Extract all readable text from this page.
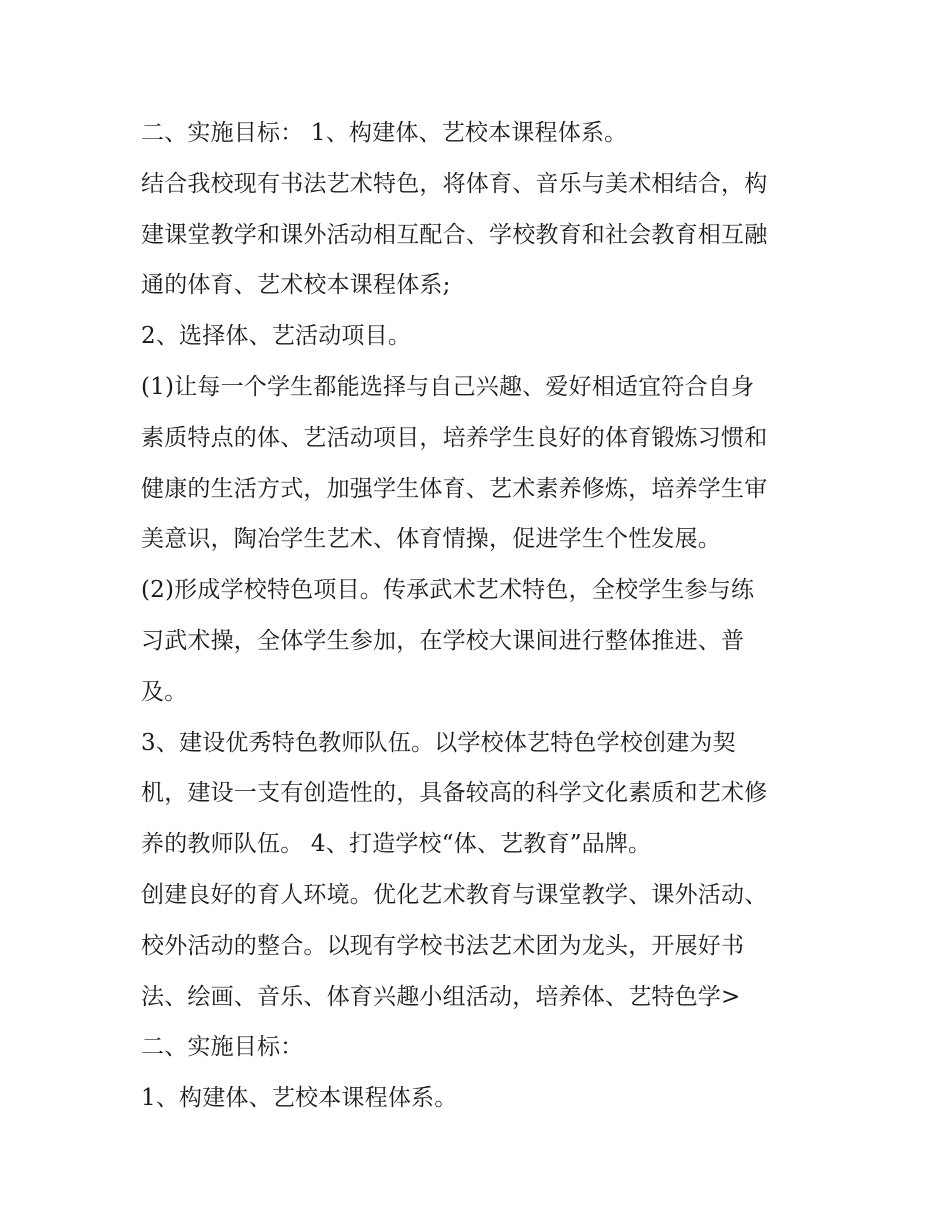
二、实施目标： 1、构建体、艺校本课程体系。
结合我校现有书法艺术特色，将体育、音乐与美术相结合，构
建课堂教学和课外活动相互配合、学校教育和社会教育相互融
通的体育、艺术校本课程体系;
2、选择体、艺活动项目。
(1)让每一个学生都能选择与自己兴趣、爱好相适宜符合自身
素质特点的体、艺活动项目，培养学生良好的体育锻炼习惯和
健康的生活方式，加强学生体育、艺术素养修炼，培养学生审
美意识，陶冶学生艺术、体育情操，促进学生个性发展。
(2)形成学校特色项目。传承武术艺术特色，全校学生参与练
习武术操，全体学生参加，在学校大课间进行整体推进、普
及。
3、建设优秀特色教师队伍。以学校体艺特色学校创建为契
机，建设一支有创造性的，具备较高的科学文化素质和艺术修
养的教师队伍。 4、打造学校“体、艺教育”品牌。
创建良好的育人环境。优化艺术教育与课堂教学、课外活动、
校外活动的整合。以现有学校书法艺术团为龙头，开展好书
法、绘画、音乐、体育兴趣小组活动，培养体、艺特色学>
二、实施目标：
1、构建体、艺校本课程体系。
